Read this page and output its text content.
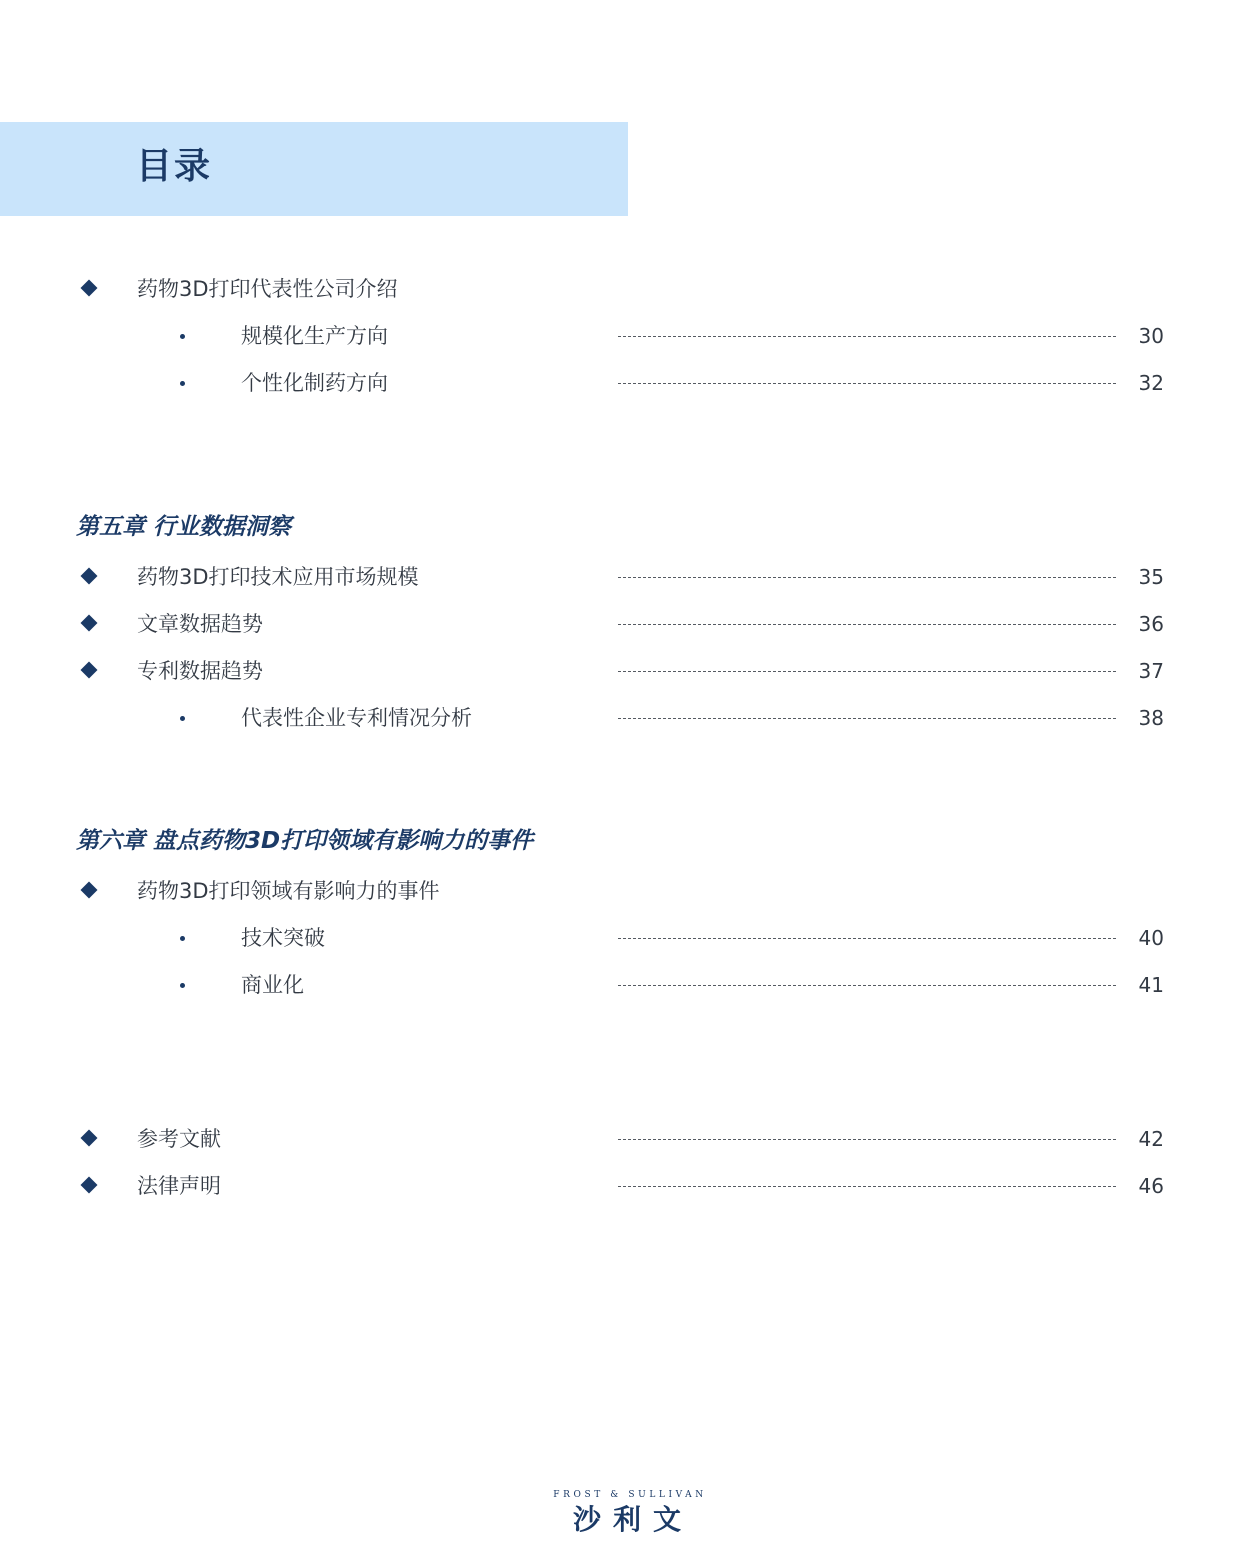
目录
药物3D打印代表性公司介绍
规模化生产方向	30
个性化制药方向	32
第五章 行业数据洞察
药物3D打印技术应用市场规模	35
文章数据趋势	36
专利数据趋势	37
代表性企业专利情况分析	38
第六章 盘点药物3D打印领域有影响力的事件
药物3D打印领域有影响力的事件
技术突破	40
商业化	41
参考文献	42
法律声明	46
FROST & SULLIVAN
沙利文
